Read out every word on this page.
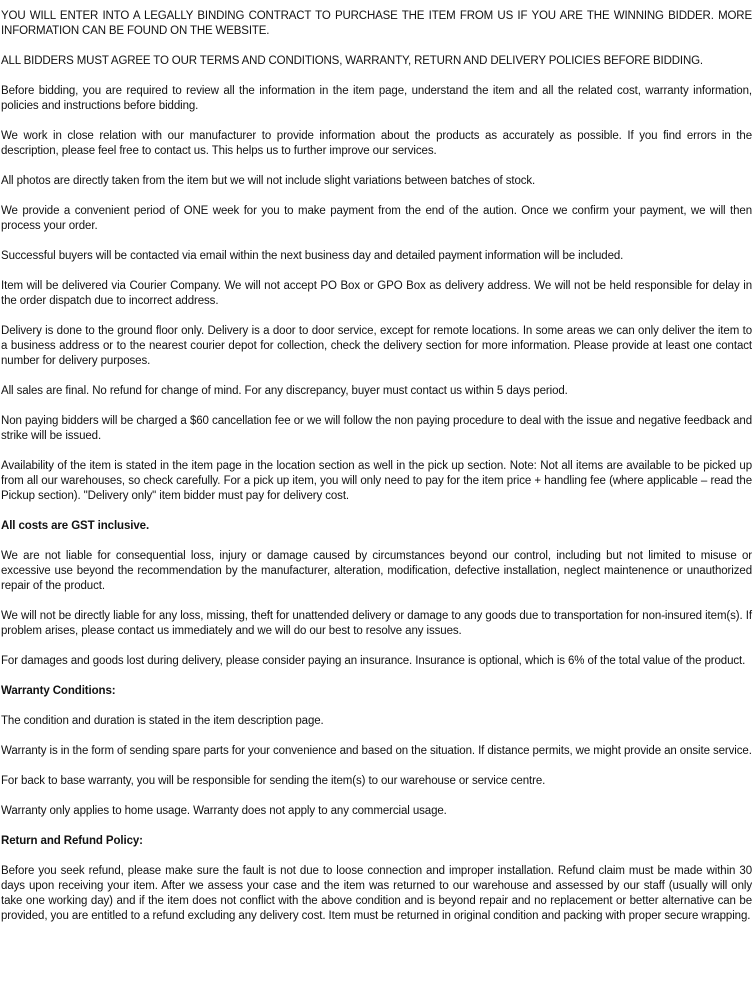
YOU WILL ENTER INTO A LEGALLY BINDING CONTRACT TO PURCHASE THE ITEM FROM US IF YOU ARE THE WINNING BIDDER. MORE INFORMATION CAN BE FOUND ON THE WEBSITE.

ALL BIDDERS MUST AGREE TO OUR TERMS AND CONDITIONS, WARRANTY, RETURN AND DELIVERY POLICIES BEFORE BIDDING.

Before bidding, you are required to review all the information in the item page, understand the item and all the related cost, warranty information, policies and instructions before bidding.

We work in close relation with our manufacturer to provide information about the products as accurately as possible. If you find errors in the description, please feel free to contact us. This helps us to further improve our services.

All photos are directly taken from the item but we will not include slight variations between batches of stock.

We provide a convenient period of ONE week for you to make payment from the end of the aution. Once we confirm your payment, we will then process your order.

Successful buyers will be contacted via email within the next business day and detailed payment information will be included.

Item will be delivered via Courier Company. We will not accept PO Box or GPO Box as delivery address. We will not be held responsible for delay in the order dispatch due to incorrect address.

Delivery is done to the ground floor only. Delivery is a door to door service, except for remote locations. In some areas we can only deliver the item to a business address or to the nearest courier depot for collection, check the delivery section for more information. Please provide at least one contact number for delivery purposes.

All sales are final. No refund for change of mind. For any discrepancy, buyer must contact us within 5 days period.

Non paying bidders will be charged a $60 cancellation fee or we will follow the non paying procedure to deal with the issue and negative feedback and strike will be issued.

Availability of the item is stated in the item page in the location section as well in the pick up section. Note: Not all items are available to be picked up from all our warehouses, so check carefully. For a pick up item, you will only need to pay for the item price + handling fee (where applicable – read the Pickup section). "Delivery only" item bidder must pay for delivery cost.

All costs are GST inclusive.

We are not liable for consequential loss, injury or damage caused by circumstances beyond our control, including but not limited to misuse or excessive use beyond the recommendation by the manufacturer, alteration, modification, defective installation, neglect maintenence or unauthorized repair of the product.

We will not be directly liable for any loss, missing, theft for unattended delivery or damage to any goods due to transportation for non-insured item(s). If problem arises, please contact us immediately and we will do our best to resolve any issues.

For damages and goods lost during delivery, please consider paying an insurance. Insurance is optional, which is 6% of the total value of the product.

Warranty Conditions:

The condition and duration is stated in the item description page.

Warranty is in the form of sending spare parts for your convenience and based on the situation. If distance permits, we might provide an onsite service.

For back to base warranty, you will be responsible for sending the item(s) to our warehouse or service centre.

Warranty only applies to home usage. Warranty does not apply to any commercial usage.

Return and Refund Policy:

Before you seek refund, please make sure the fault is not due to loose connection and improper installation. Refund claim must be made within 30 days upon receiving your item. After we assess your case and the item was returned to our warehouse and assessed by our staff (usually will only take one working day) and if the item does not conflict with the above condition and is beyond repair and no replacement or better alternative can be provided, you are entitled to a refund excluding any delivery cost. Item must be returned in original condition and packing with proper secure wrapping.
